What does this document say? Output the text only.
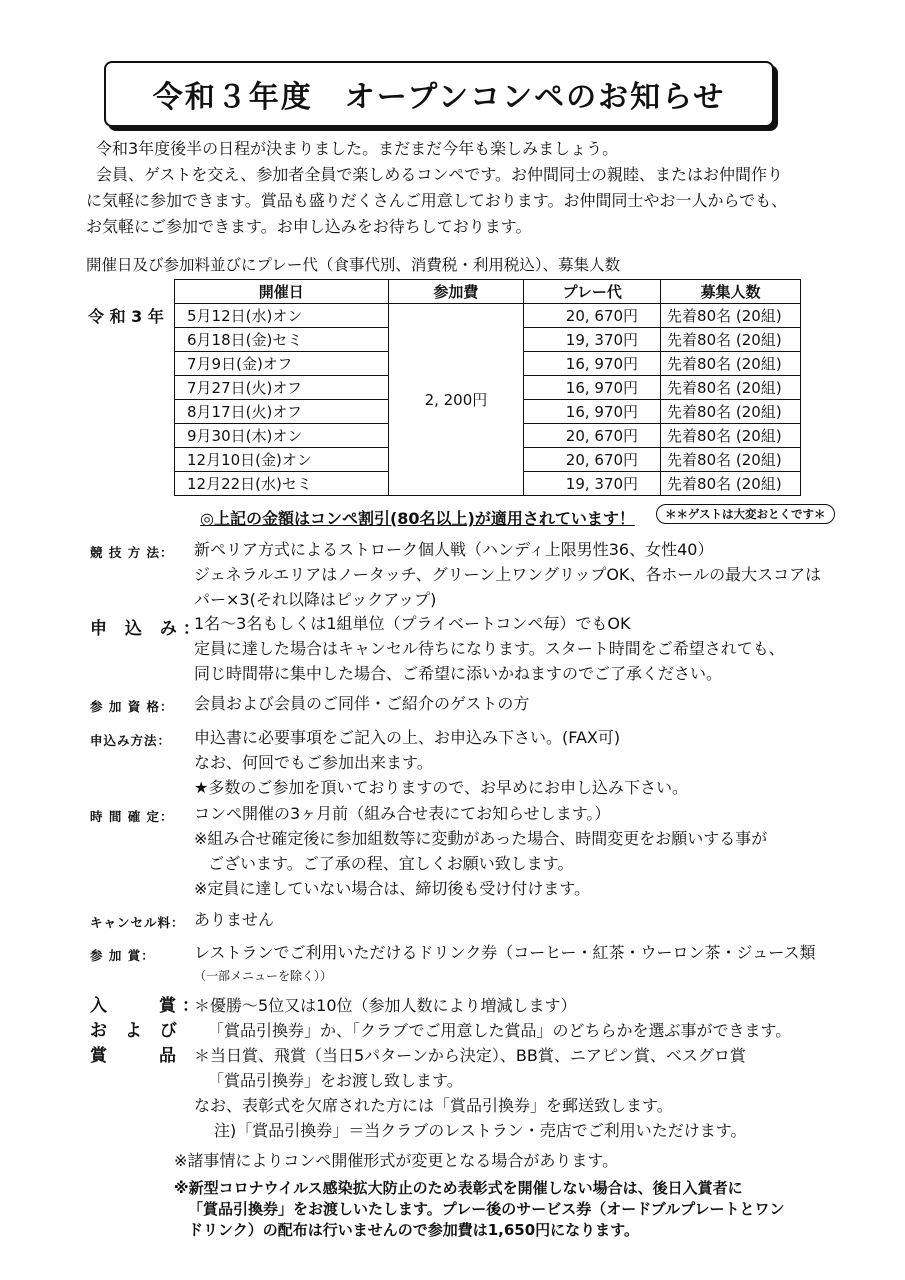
令和３年度　オープンコンペのお知らせ
令和3年度後半の日程が決まりました。まだまだ今年も楽しみましょう。
会員、ゲストを交え、参加者全員で楽しめるコンペです。お仲間同士の親睦、またはお仲間作り
に気軽に参加できます。賞品も盛りだくさんご用意しております。お仲間同士やお一人からでも、
お気軽にご参加できます。お申し込みをお待ちしております。
開催日及び参加料並びにプレー代（食事代別、消費税・利用税込）、募集人数
令 和 3 年
開催日	参加費	プレー代	募集人数
5月12日(水)オン	2, 200円	20, 670円	先着80名 (20組)
6月18日(金)セミ		19, 370円	先着80名 (20組)
7月9日(金)オフ		16, 970円	先着80名 (20組)
7月27日(火)オフ		16, 970円	先着80名 (20組)
8月17日(火)オフ		16, 970円	先着80名 (20組)
9月30日(木)オン		20, 670円	先着80名 (20組)
12月10日(金)オン		20, 670円	先着80名 (20組)
12月22日(水)セミ		19, 370円	先着80名 (20組)
◎上記の金額はコンペ割引(80名以上)が適用されています！	＊＊ゲストは大変おとくです＊
競 技 方 法： 新ペリア方式によるストローク個人戦（ハンディ上限男性36、女性40）
ジェネラルエリアはノータッチ、グリーン上ワングリップOK、各ホールの最大スコアは
パー×3(それ以降はピックアップ)
申 込 み：
1名～3名もしくは1組単位（プライベートコンペ毎）でもOK
定員に達した場合はキャンセル待ちになります。スタート時間をご希望されても、
同じ時間帯に集中した場合、ご希望に添いかねますのでご了承ください。
参 加 資 格： 会員および会員のご同伴・ご紹介のゲストの方
申込み方法： 申込書に必要事項をご記入の上、お申込み下さい。(FAX可)
なお、何回でもご参加出来ます。
★多数のご参加を頂いておりますので、お早めにお申し込み下さい。
時 間 確 定： コンペ開催の3ヶ月前（組み合せ表にてお知らせします。）
※組み合せ確定後に参加組数等に変動があった場合、時間変更をお願いする事が
ございます。ご了承の程、宜しくお願い致します。
※定員に達していない場合は、締切後も受け付けます。
キャンセル料： ありません
参 加 賞： レストランでご利用いただけるドリンク券（コーヒー・紅茶・ウーロン茶・ジュース類
（一部メニューを除く））
入　　賞：
お よ び
賞　　品
＊優勝～5位又は10位（参加人数により増減します）
「賞品引換券」か、「クラブでご用意した賞品」のどちらかを選ぶ事ができます。
＊当日賞、飛賞（当日5パターンから決定）、BB賞、ニアピン賞、ベスグロ賞
「賞品引換券」をお渡し致します。
なお、表彰式を欠席された方には「賞品引換券」を郵送致します。
注)「賞品引換券」＝当クラブのレストラン・売店でご利用いただけます。
※諸事情によりコンペ開催形式が変更となる場合があります。
※新型コロナウイルス感染拡大防止のため表彰式を開催しない場合は、後日入賞者に
「賞品引換券」をお渡しいたします。プレー後のサービス券（オードブルプレートとワン
ドリンク）の配布は行いませんので参加費は1,650円になります。
